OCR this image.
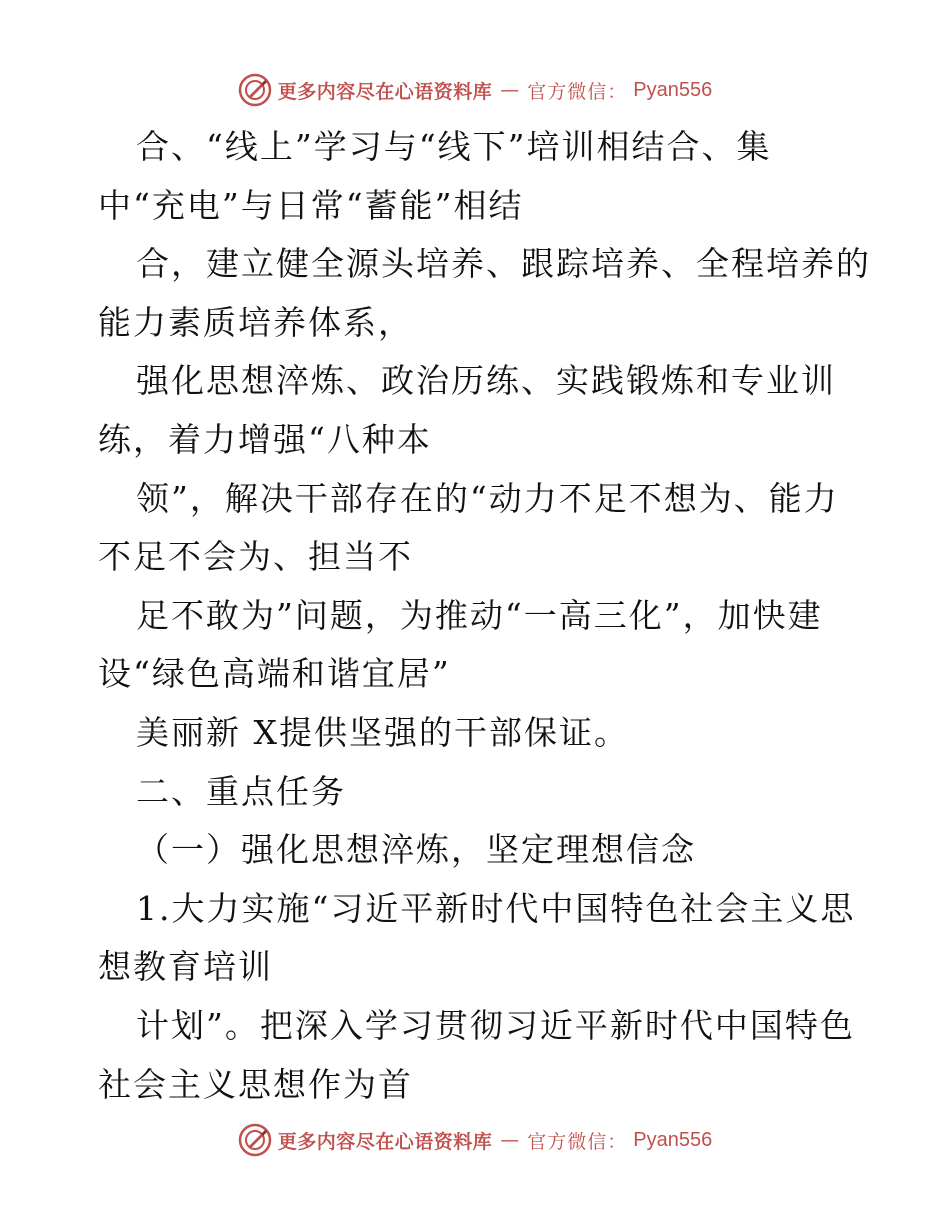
更多内容尽在心语资料库 — 官方微信： Pyan556
合、“线上”学习与“线下”培训相结合、集
中“充电”与日常“蓄能”相结
合，建立健全源头培养、跟踪培养、全程培养的
能力素质培养体系，
强化思想淬炼、政治历练、实践锻炼和专业训
练，着力增强“八种本
领”，解决干部存在的“动力不足不想为、能力
不足不会为、担当不
足不敢为”问题，为推动“一高三化”，加快建
设“绿色高端和谐宜居”
美丽新 X提供坚强的干部保证。
二、重点任务
（一）强化思想淬炼，坚定理想信念
1.大力实施“习近平新时代中国特色社会主义思
想教育培训
计划”。把深入学习贯彻习近平新时代中国特色
社会主义思想作为首
更多内容尽在心语资料库 — 官方微信： Pyan556
